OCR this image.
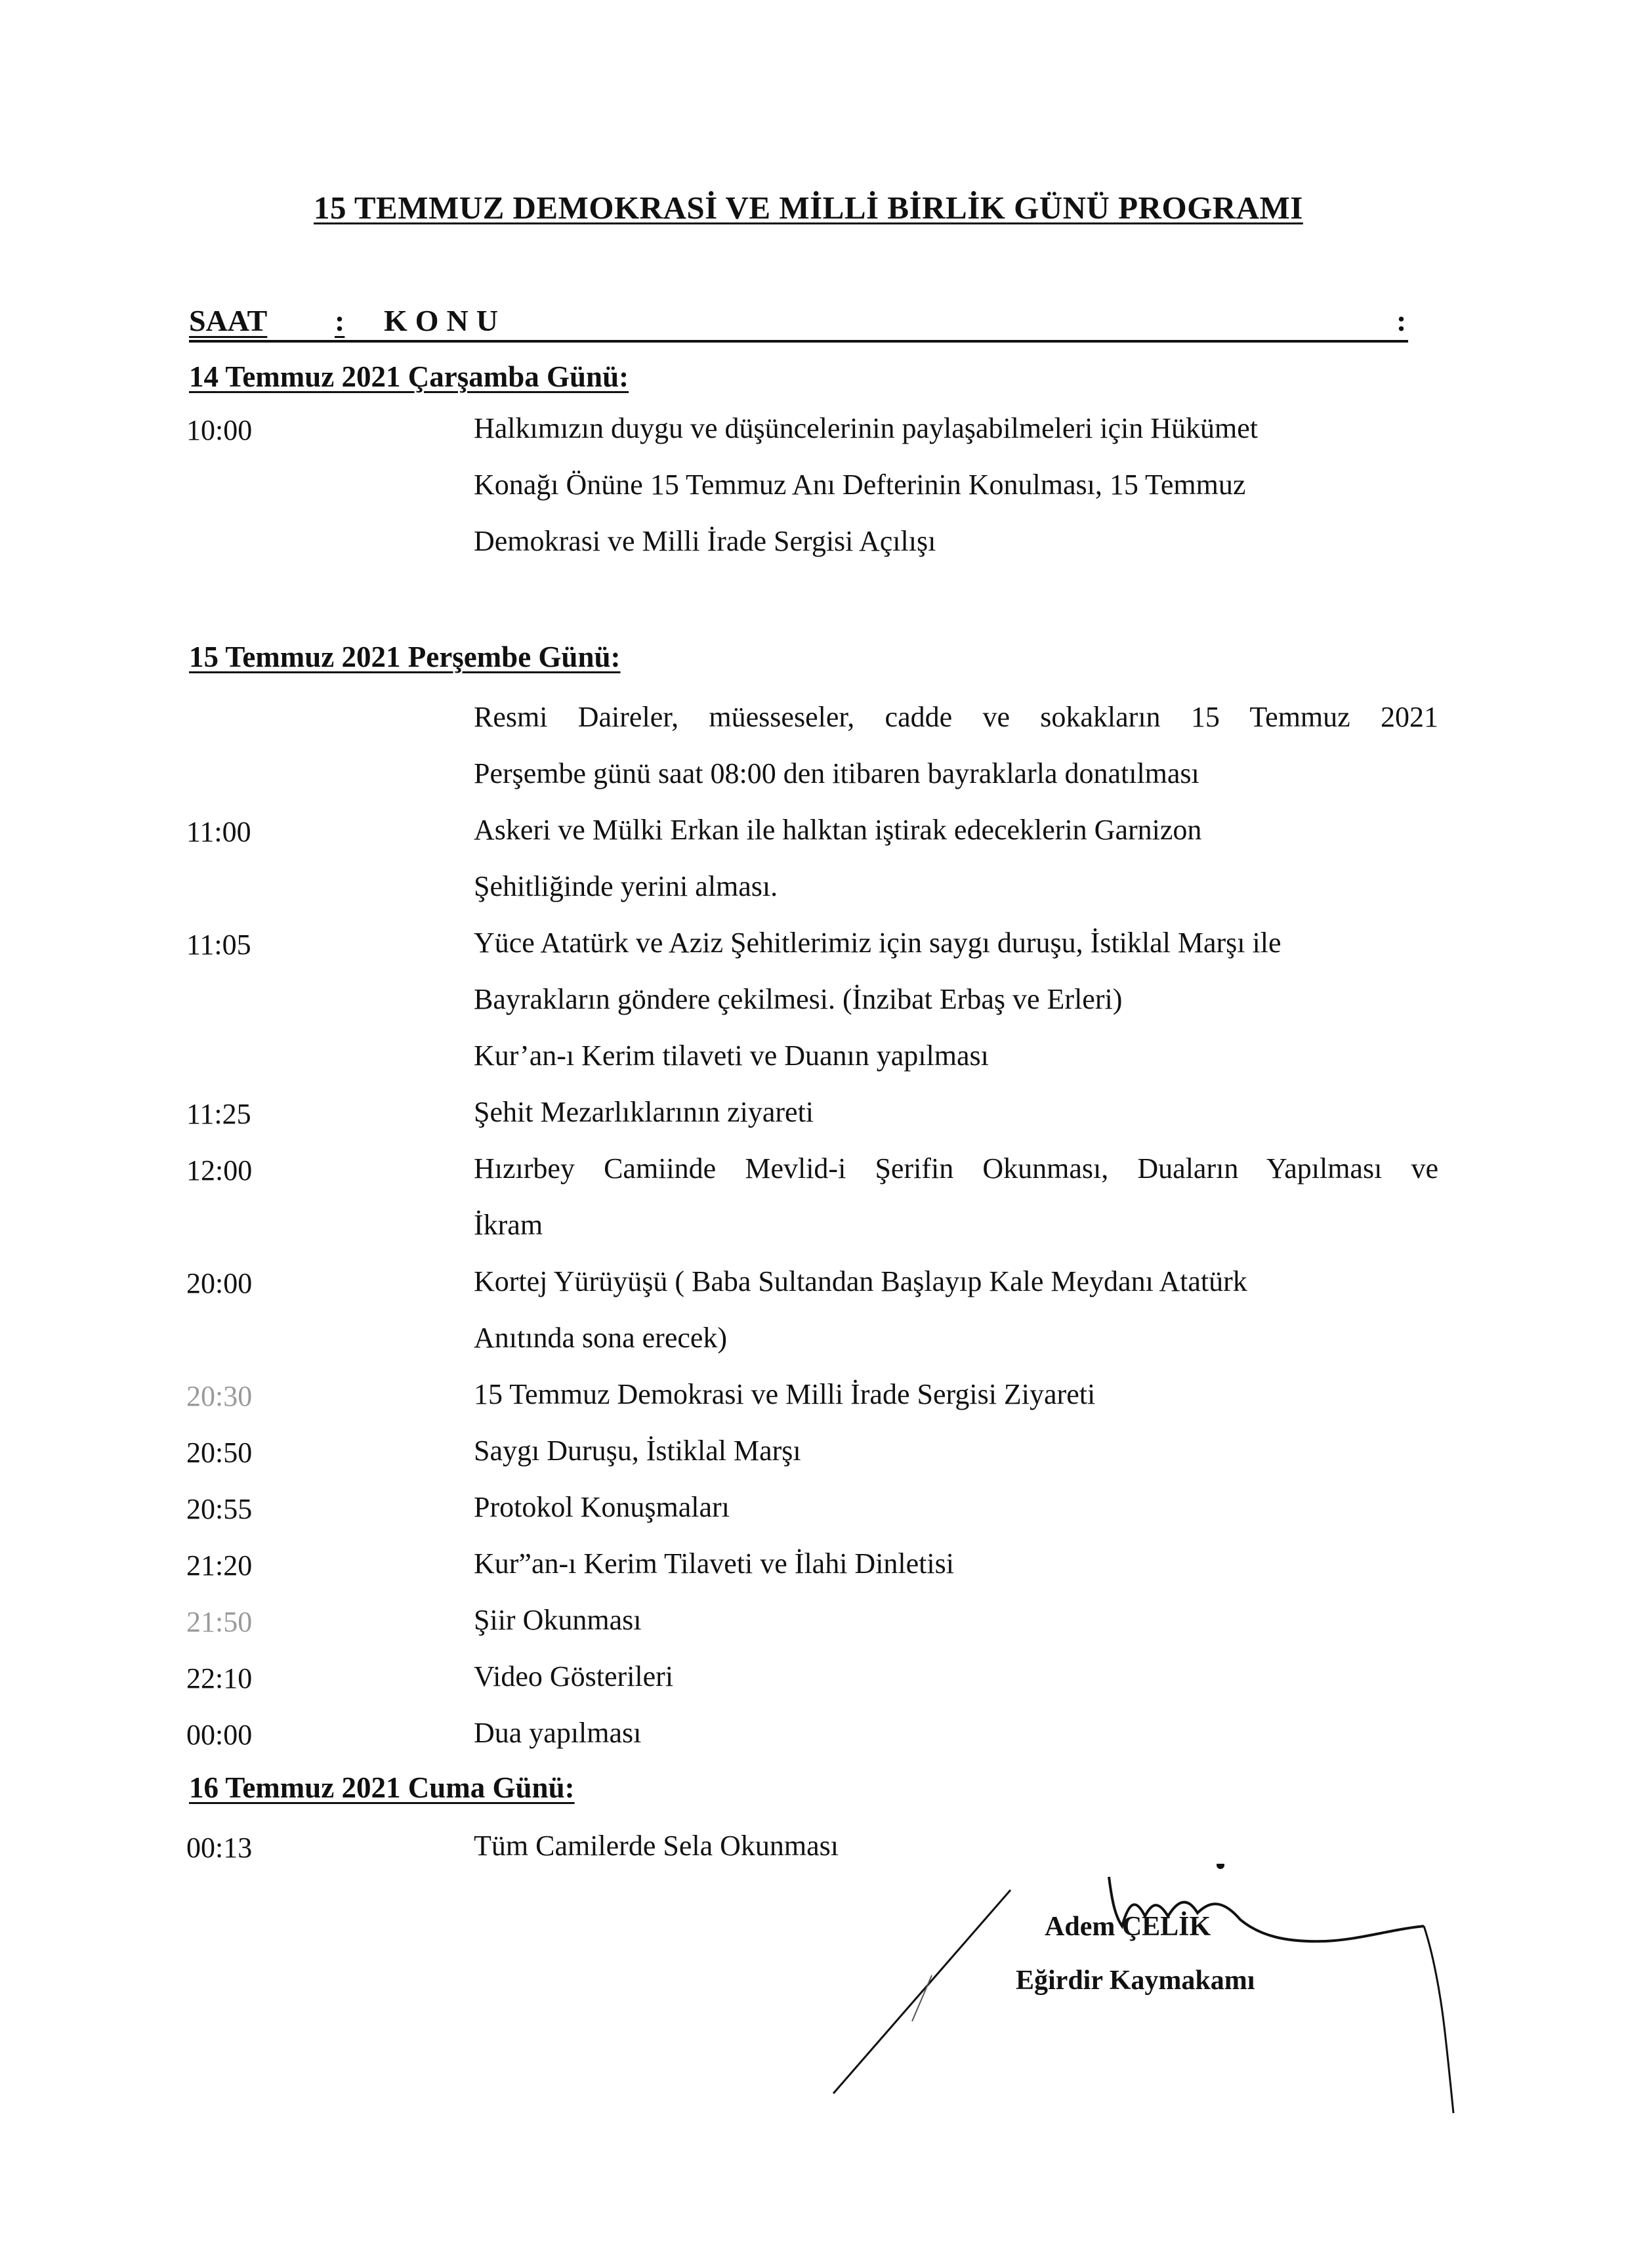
15 TEMMUZ DEMOKRASİ VE MİLLİ BİRLİK GÜNÜ PROGRAMI
SAAT : KONU	:
14 Temmuz 2021 Çarşamba Günü:
10:00	Halkımızın duygu ve düşüncelerinin paylaşabilmeleri için Hükümet
Konağı Önüne 15 Temmuz Anı Defterinin Konulması, 15 Temmuz
Demokrasi ve Milli İrade Sergisi Açılışı
15 Temmuz 2021 Perşembe Günü:
Resmi Daireler, müesseseler, cadde ve sokakların 15 Temmuz 2021
Perşembe günü saat 08:00 den itibaren bayraklarla donatılması
11:00	Askeri ve Mülki Erkan ile halktan iştirak edeceklerin Garnizon
Şehitliğinde yerini alması.
11:05	Yüce Atatürk ve Aziz Şehitlerimiz için saygı duruşu, İstiklal Marşı ile
Bayrakların göndere çekilmesi. (İnzibat Erbaş ve Erleri)
Kur’an-ı Kerim tilaveti ve Duanın yapılması
11:25	Şehit Mezarlıklarının ziyareti
12:00	Hızırbey Camiinde Mevlid-i Şerifin Okunması, Duaların Yapılması ve
İkram
20:00	Kortej Yürüyüşü ( Baba Sultandan Başlayıp Kale Meydanı Atatürk
Anıtında sona erecek)
20:30	15 Temmuz Demokrasi ve Milli İrade Sergisi Ziyareti
20:50	Saygı Duruşu, İstiklal Marşı
20:55	Protokol Konuşmaları
21:20	Kur”an-ı Kerim Tilaveti ve İlahi Dinletisi
21:50	Şiir Okunması
22:10	Video Gösterileri
00:00	Dua yapılması
16 Temmuz 2021 Cuma Günü:
00:13	Tüm Camilerde Sela Okunması
Adem ÇELİK
Eğirdir Kaymakamı
